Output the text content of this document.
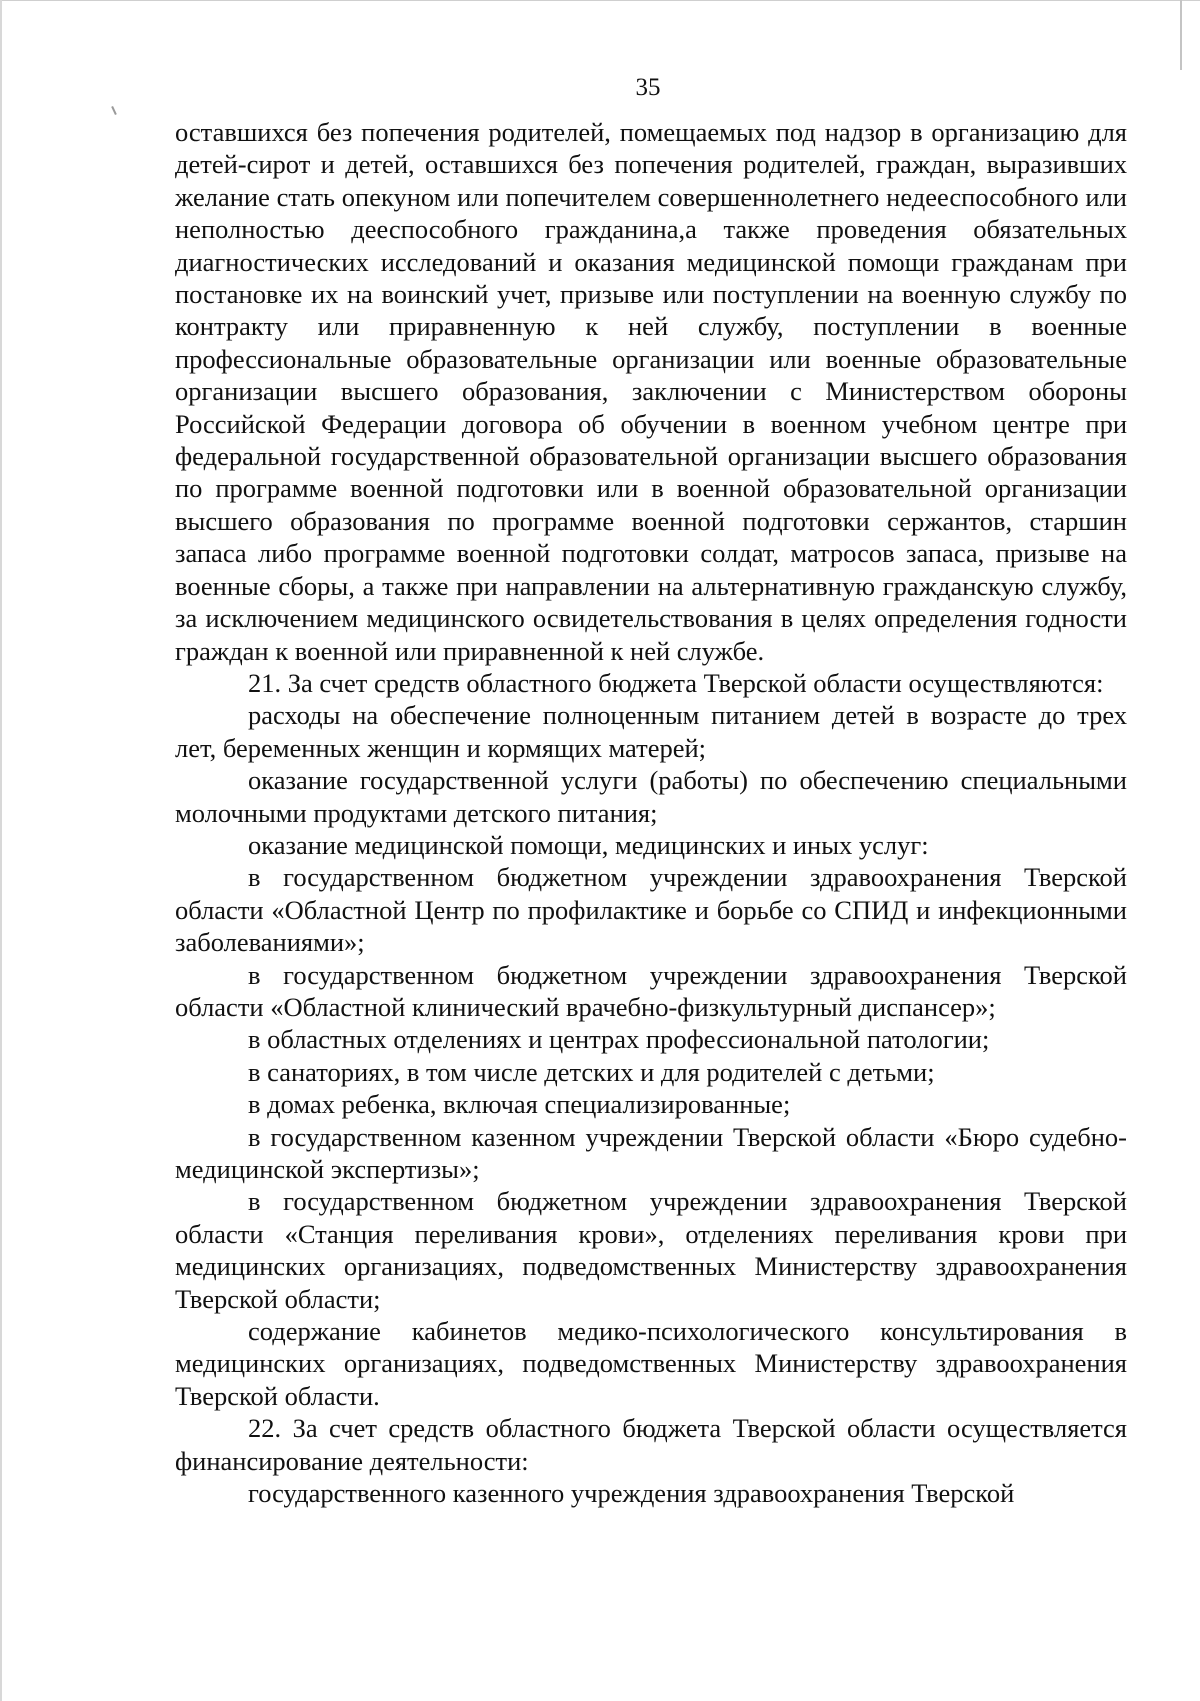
35

оставшихся без попечения родителей, помещаемых под надзор в организацию для детей-сирот и детей, оставшихся без попечения родителей, граждан, выразивших желание стать опекуном или попечителем совершеннолетнего недееспособного или неполностью дееспособного гражданина,а также проведения обязательных диагностических исследований и оказания медицинской помощи гражданам при постановке их на воинский учет, призыве или поступлении на военную службу по контракту или приравненную к ней службу, поступлении в военные профессиональные образовательные организации или военные образовательные организации высшего образования, заключении с Министерством обороны Российской Федерации договора об обучении в военном учебном центре при федеральной государственной образовательной организации высшего образования по программе военной подготовки или в военной образовательной организации высшего образования по программе военной подготовки сержантов, старшин запаса либо программе военной подготовки солдат, матросов запаса, призыве на военные сборы, а также при направлении на альтернативную гражданскую службу, за исключением медицинского освидетельствования в целях определения годности граждан к военной или приравненной к ней службе.

21. За счет средств областного бюджета Тверской области осуществляются:

расходы на обеспечение полноценным питанием детей в возрасте до трех лет, беременных женщин и кормящих матерей;

оказание государственной услуги (работы) по обеспечению специальными молочными продуктами детского питания;

оказание медицинской помощи, медицинских и иных услуг:

в государственном бюджетном учреждении здравоохранения Тверской области «Областной Центр по профилактике и борьбе со СПИД и инфекционными заболеваниями»;

в государственном бюджетном учреждении здравоохранения Тверской области «Областной клинический врачебно-физкультурный диспансер»;

в областных отделениях и центрах профессиональной патологии;

в санаториях, в том числе детских и для родителей с детьми;

в домах ребенка, включая специализированные;

в государственном казенном учреждении Тверской области «Бюро судебно-медицинской экспертизы»;

в государственном бюджетном учреждении здравоохранения Тверской области «Станция переливания крови», отделениях переливания крови при медицинских организациях, подведомственных Министерству здравоохранения Тверской области;

содержание кабинетов медико-психологического консультирования в медицинских организациях, подведомственных Министерству здравоохранения Тверской области.

22. За счет средств областного бюджета Тверской области осуществляется финансирование деятельности:

государственного казенного учреждения здравоохранения Тверской
